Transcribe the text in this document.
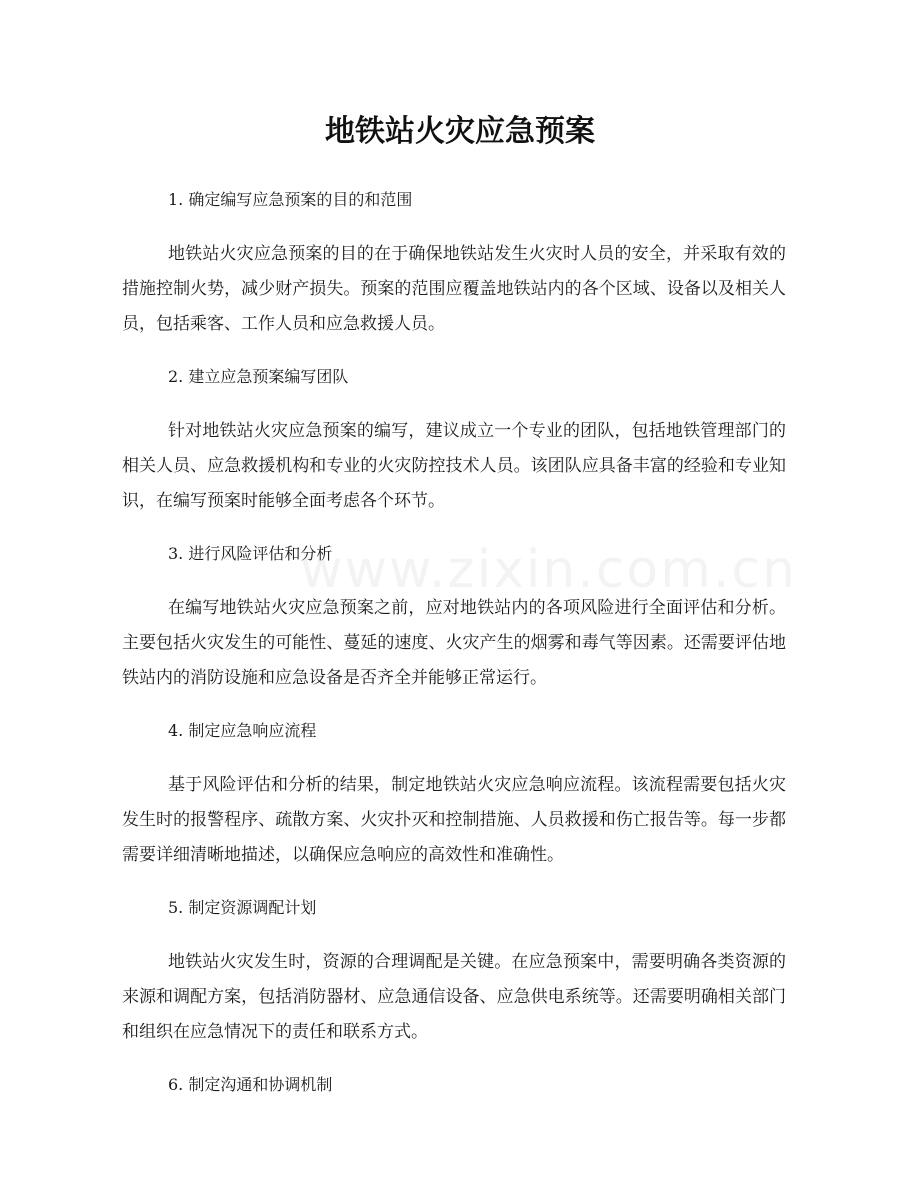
www.zixin.com.cn
地铁站火灾应急预案

1. 确定编写应急预案的目的和范围

地铁站火灾应急预案的目的在于确保地铁站发生火灾时人员的安全，并采取有效的措施控制火势，减少财产损失。预案的范围应覆盖地铁站内的各个区域、设备以及相关人员，包括乘客、工作人员和应急救援人员。

2. 建立应急预案编写团队

针对地铁站火灾应急预案的编写，建议成立一个专业的团队，包括地铁管理部门的相关人员、应急救援机构和专业的火灾防控技术人员。该团队应具备丰富的经验和专业知识，在编写预案时能够全面考虑各个环节。

3. 进行风险评估和分析

在编写地铁站火灾应急预案之前，应对地铁站内的各项风险进行全面评估和分析。主要包括火灾发生的可能性、蔓延的速度、火灾产生的烟雾和毒气等因素。还需要评估地铁站内的消防设施和应急设备是否齐全并能够正常运行。

4. 制定应急响应流程

基于风险评估和分析的结果，制定地铁站火灾应急响应流程。该流程需要包括火灾发生时的报警程序、疏散方案、火灾扑灭和控制措施、人员救援和伤亡报告等。每一步都需要详细清晰地描述，以确保应急响应的高效性和准确性。

5. 制定资源调配计划

地铁站火灾发生时，资源的合理调配是关键。在应急预案中，需要明确各类资源的来源和调配方案，包括消防器材、应急通信设备、应急供电系统等。还需要明确相关部门和组织在应急情况下的责任和联系方式。

6. 制定沟通和协调机制
